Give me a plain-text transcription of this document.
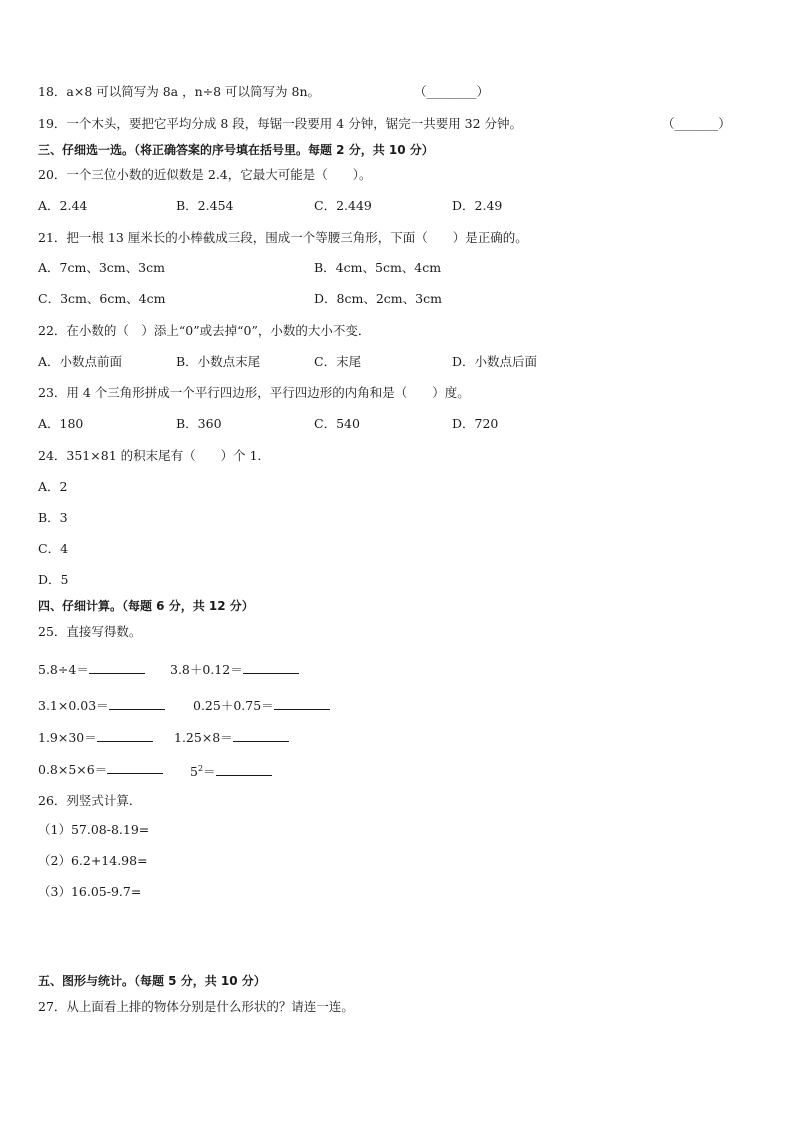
18．a×8 可以简写为 8a ，n÷8 可以简写为 8n。	（________）
19．一个木头，要把它平均分成 8 段，每锯一段要用 4 分钟，锯完一共要用 32 分钟。	（_______）
三、仔细选一选。（将正确答案的序号填在括号里。每题 2 分，共 10 分）
20．一个三位小数的近似数是 2.4，它最大可能是（　　）。
A．2.44	B．2.454	C．2.449	D．2.49
21．把一根 13 厘米长的小棒截成三段，围成一个等腰三角形，下面（　　）是正确的。
A．7cm、3cm、3cm	B．4cm、5cm、4cm
C．3cm、6cm、4cm	D．8cm、2cm、3cm
22．在小数的（　）添上“0”或去掉“0”，小数的大小不变．
A．小数点前面	B．小数点末尾	C．末尾	D．小数点后面
23．用 4 个三角形拼成一个平行四边形，平行四边形的内角和是（　　）度。
A．180	B．360	C．540	D．720
24．351×81 的积末尾有（　　）个 1．
A．2
B．3
C．4
D．5
四、仔细计算。（每题 6 分，共 12 分）
25．直接写得数。
5.8÷4＝	3.8＋0.12＝
3.1×0.03＝	0.25＋0.75＝
1.9×30＝	1.25×8＝
0.8×5×6＝	$5^2=$
26．列竖式计算．
（1）57.08-8.19=
（2）6.2+14.98=
（3）16.05-9.7=
五、图形与统计。（每题 5 分，共 10 分）
27．从上面看上排的物体分别是什么形状的？请连一连。
